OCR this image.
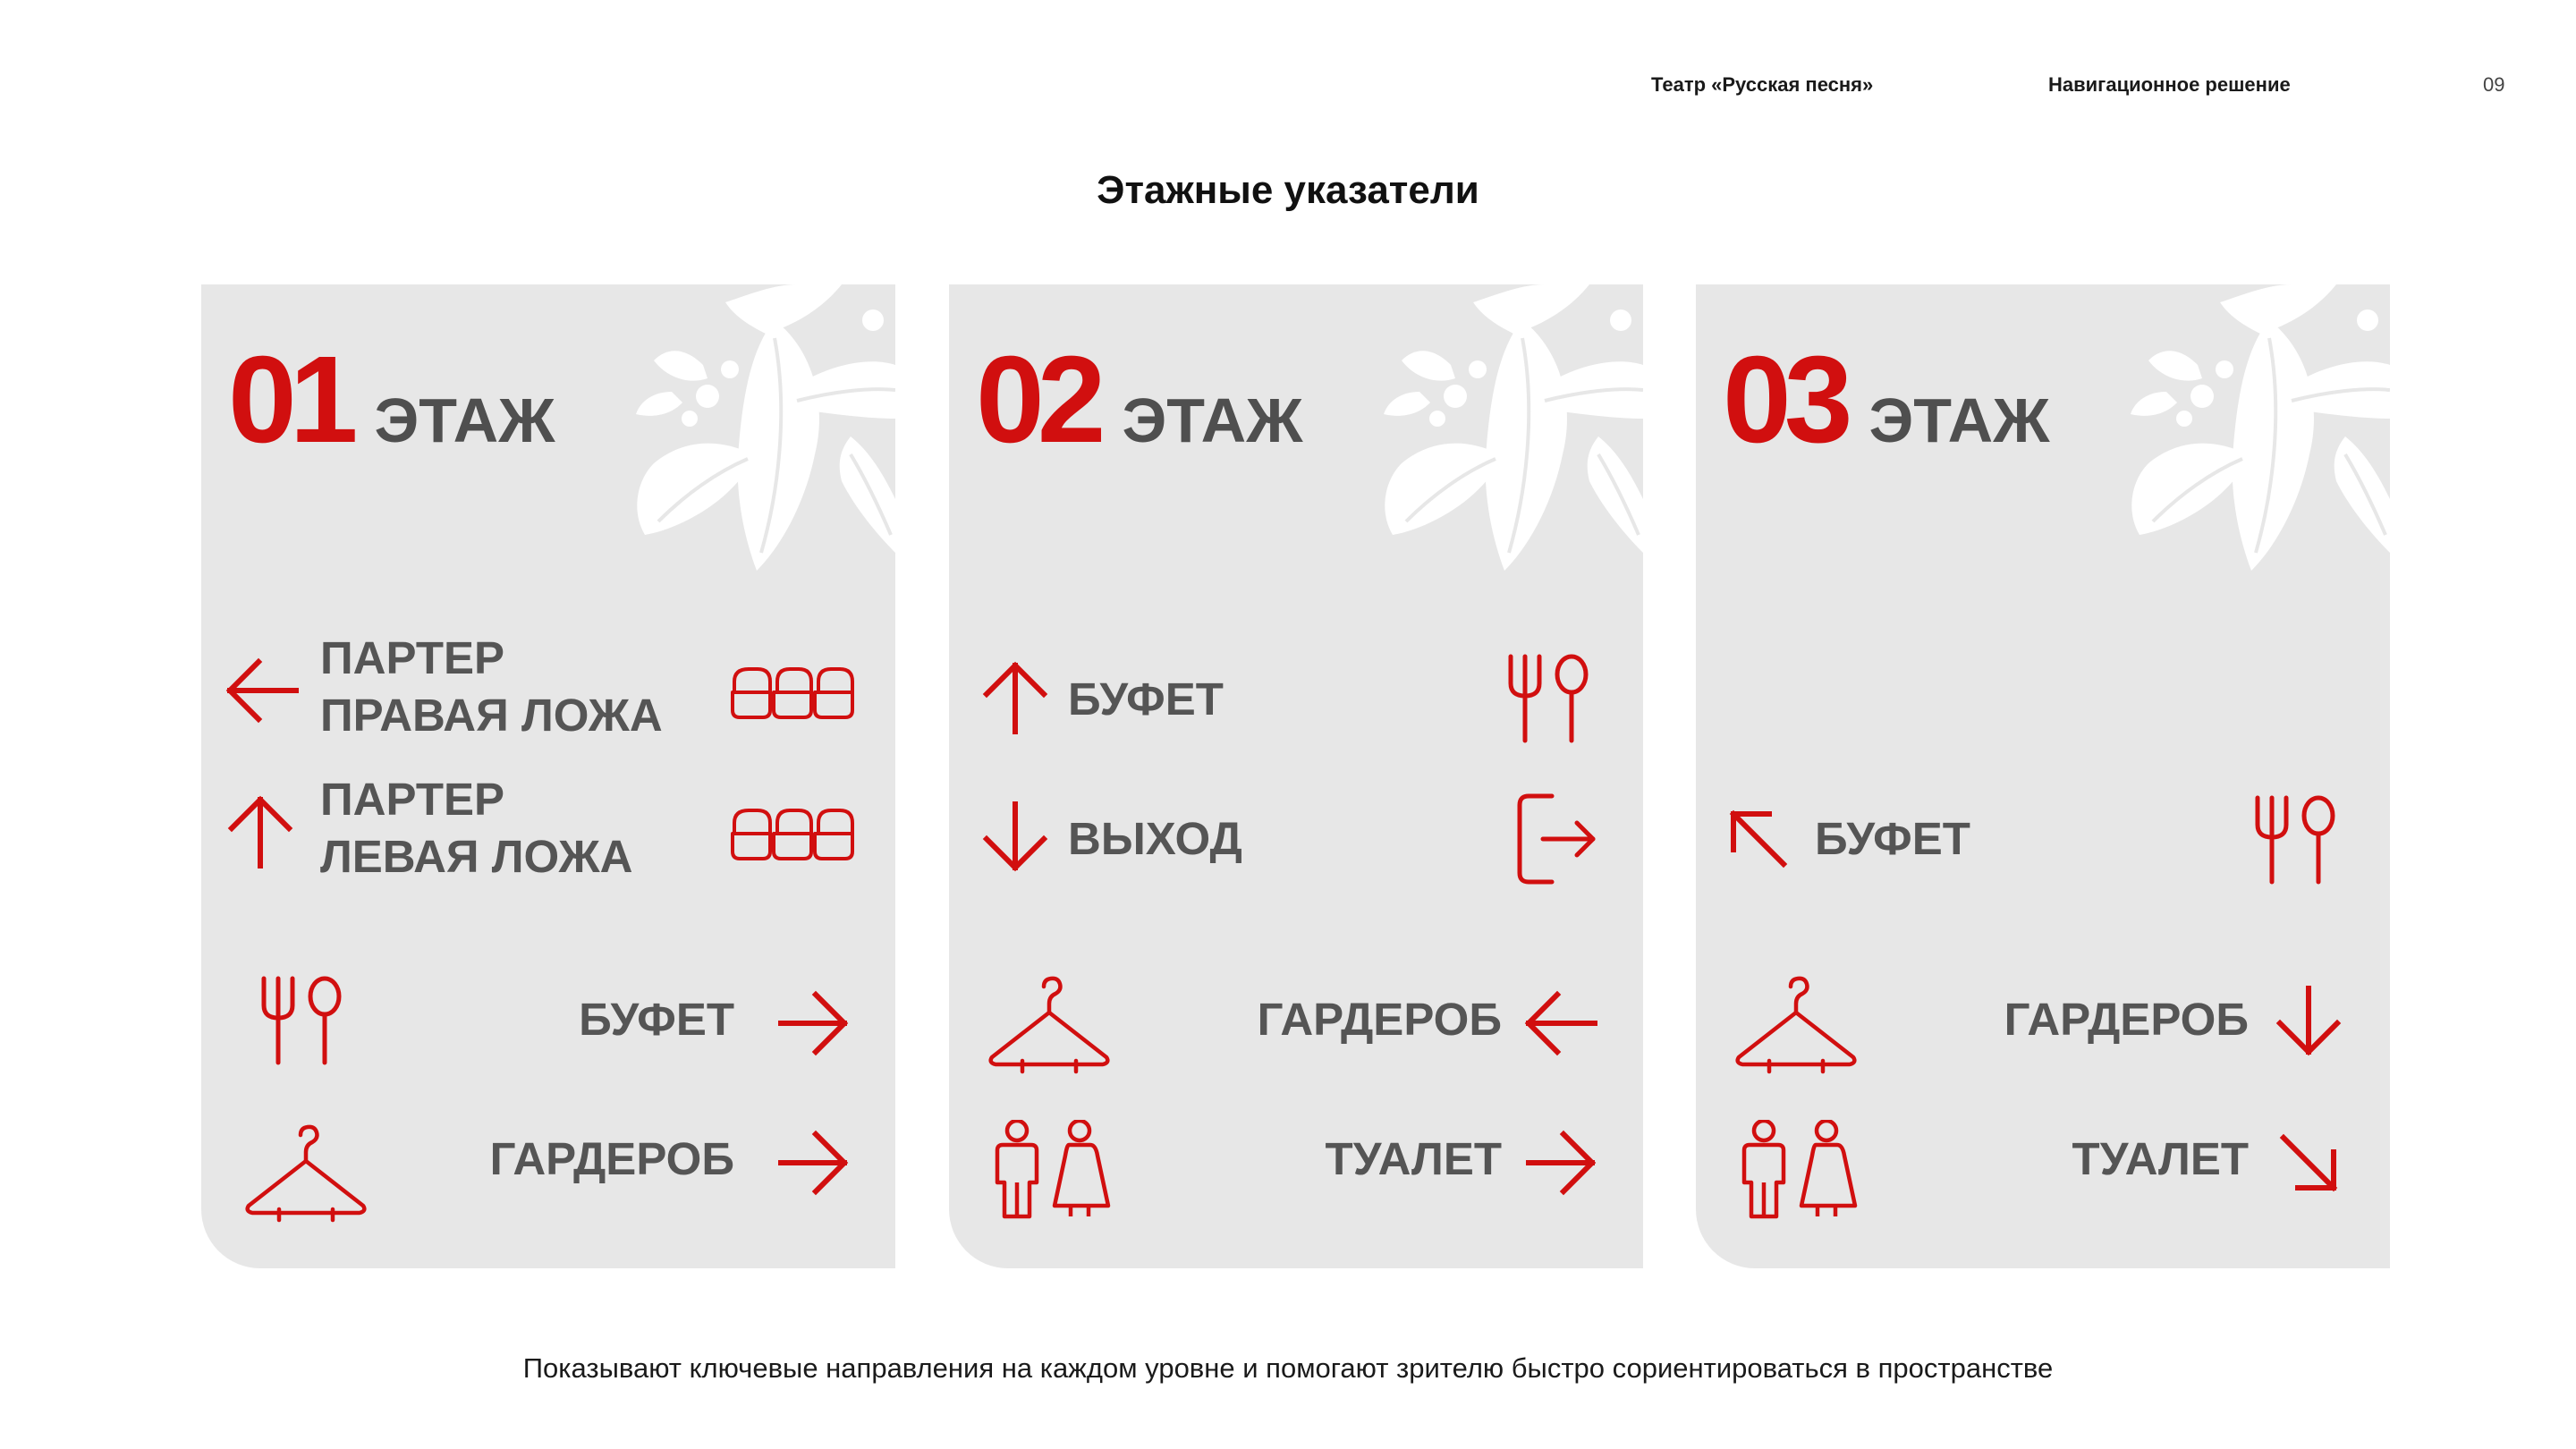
Театр «Русская песня»	Навигационное решение	09
Этажные указатели
01 ЭТАЖ
ПАРТЕР
ПРАВАЯ ЛОЖА
ПАРТЕР
ЛЕВАЯ ЛОЖА
БУФЕТ
ГАРДЕРОБ
02 ЭТАЖ
БУФЕТ
ВЫХОД
ГАРДЕРОБ
ТУАЛЕТ
03 ЭТАЖ
БУФЕТ
ГАРДЕРОБ
ТУАЛЕТ
Показывают ключевые направления на каждом уровне и помогают зрителю быстро сориентироваться в пространстве
